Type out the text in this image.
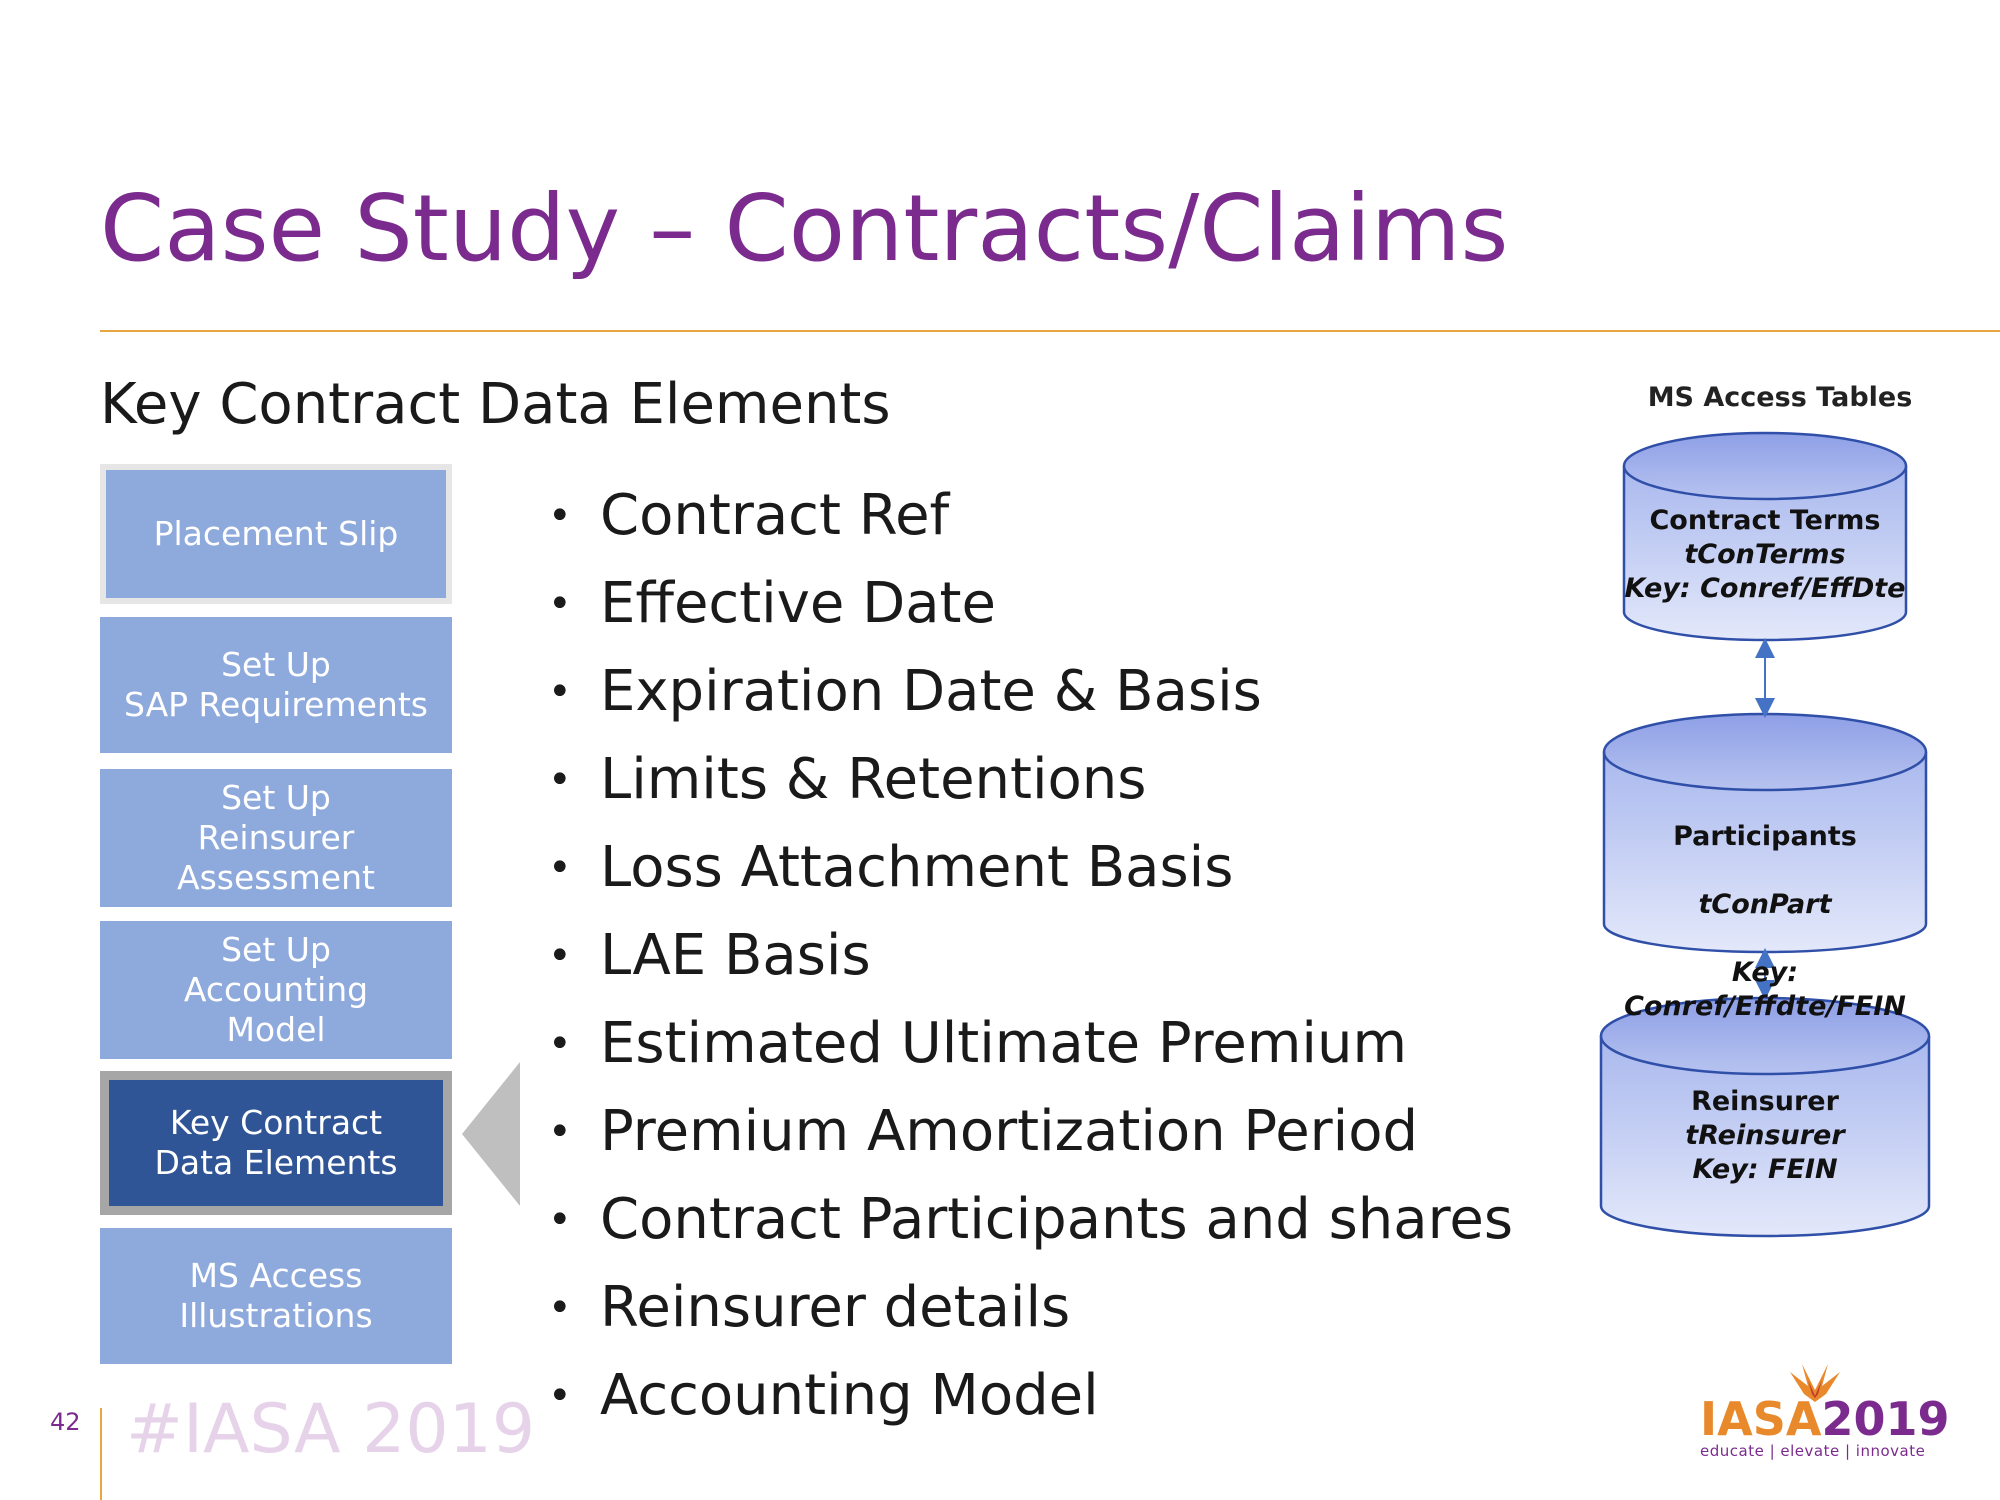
Case Study – Contracts/Claims
Key Contract Data Elements
Placement Slip
Set Up
SAP Requirements
Set Up
Reinsurer
Assessment
Set Up
Accounting
Model
Key Contract
Data Elements
MS Access
Illustrations
• Contract Ref
• Effective Date
• Expiration Date & Basis
• Limits & Retentions
• Loss Attachment Basis
• LAE Basis
• Estimated Ultimate Premium
• Premium Amortization Period
• Contract Participants and shares
• Reinsurer details
• Accounting Model
MS Access Tables
Contract Terms
tConTerms
Key: Conref/EffDte

Participants

tConPart

Key:
Conref/Effdte/FEIN

Reinsurer
tReinsurer
Key: FEIN
42 #IASA 2019	IASA2019
educate | elevate | innovate
